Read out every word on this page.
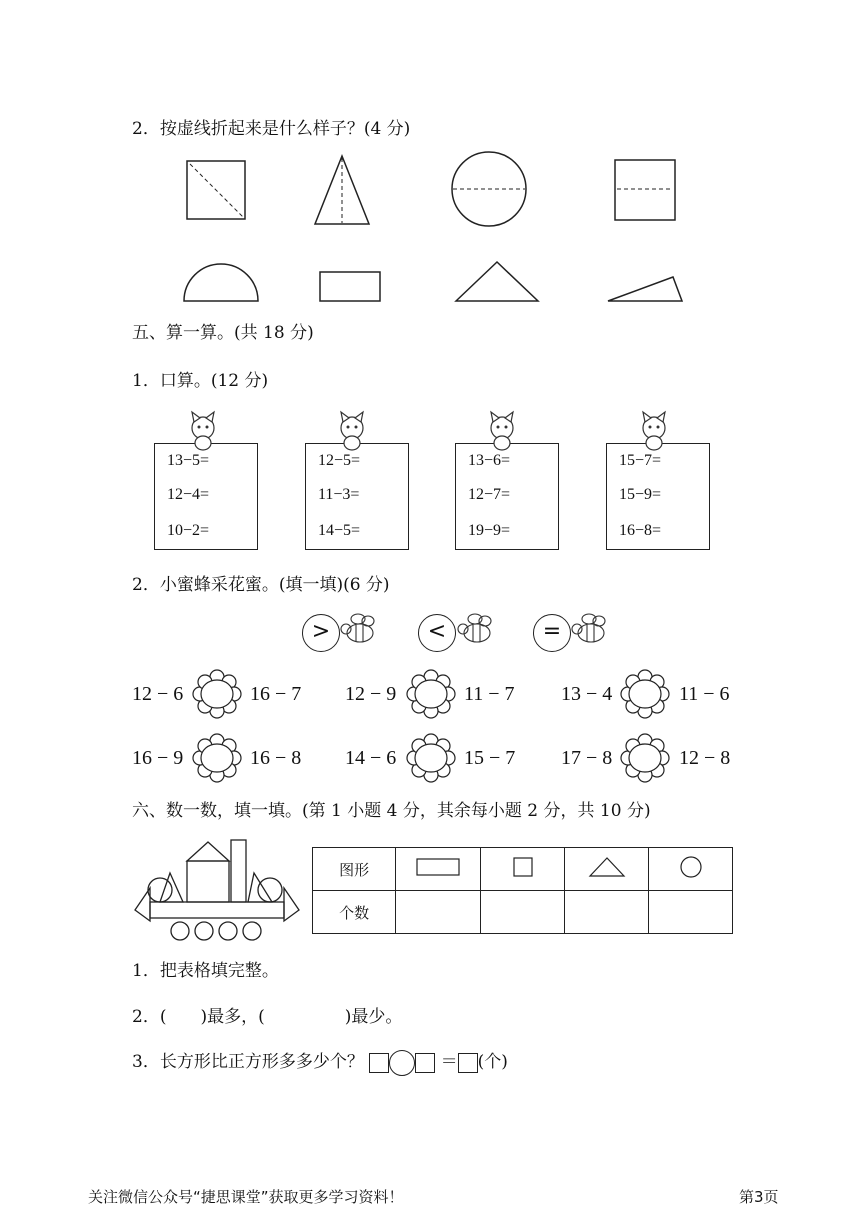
2．按虚线折起来是什么样子？(4 分)
五、算一算。(共 18 分)
1．口算。(12 分)
13−5=
12−4=
10−2=
12−5=
11−3=
14−5=
13−6=
12−7=
19−9=
15−7=
15−9=
16−8=
2．小蜜蜂采花蜜。(填一填)(6 分)
>	<	=
12 − 6	16 − 7 12 − 9	11 − 7 13 − 4	11 − 6
16 − 9	16 − 8 14 − 6	15 − 7 17 − 8	12 − 8
六、数一数，填一填。(第 1 小题 4 分，其余每小题 2 分，共 10 分)
图形				
个数				
1．把表格填完整。
2．( )最多，(	)最少。
3．长方形比正方形多多少个？	＝ (个)
关注微信公众号“捷思课堂”获取更多学习资料！	第3页
